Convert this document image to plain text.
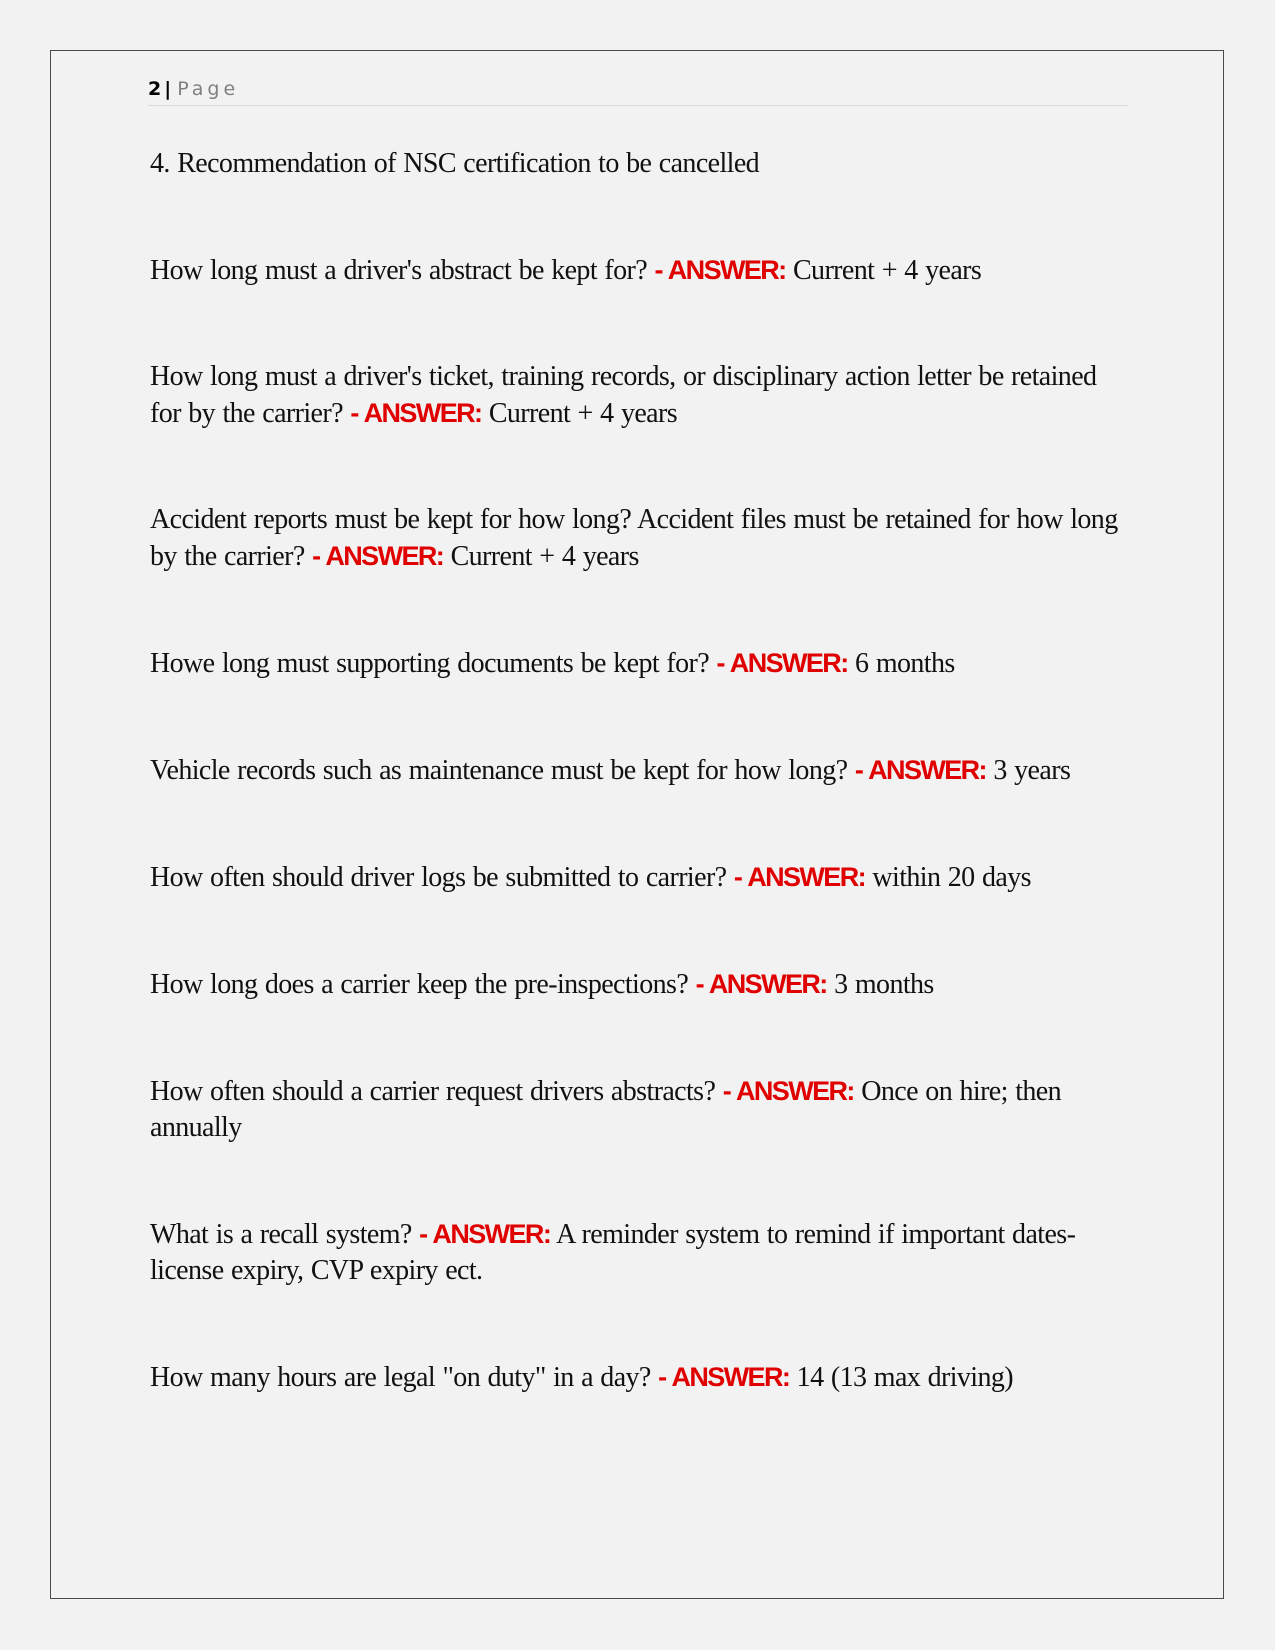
2 | Page
4. Recommendation of NSC certification to be cancelled
How long must a driver's abstract be kept for? - ANSWER: Current + 4 years
How long must a driver's ticket, training records, or disciplinary action letter be retained for by the carrier? - ANSWER: Current + 4 years
Accident reports must be kept for how long? Accident files must be retained for how long by the carrier? - ANSWER: Current + 4 years
Howe long must supporting documents be kept for? - ANSWER: 6 months
Vehicle records such as maintenance must be kept for how long? - ANSWER: 3 years
How often should driver logs be submitted to carrier? - ANSWER: within 20 days
How long does a carrier keep the pre-inspections? - ANSWER: 3 months
How often should a carrier request drivers abstracts? - ANSWER: Once on hire; then annually
What is a recall system? - ANSWER: A reminder system to remind if important dates-license expiry, CVP expiry ect.
How many hours are legal "on duty" in a day? - ANSWER: 14 (13 max driving)
